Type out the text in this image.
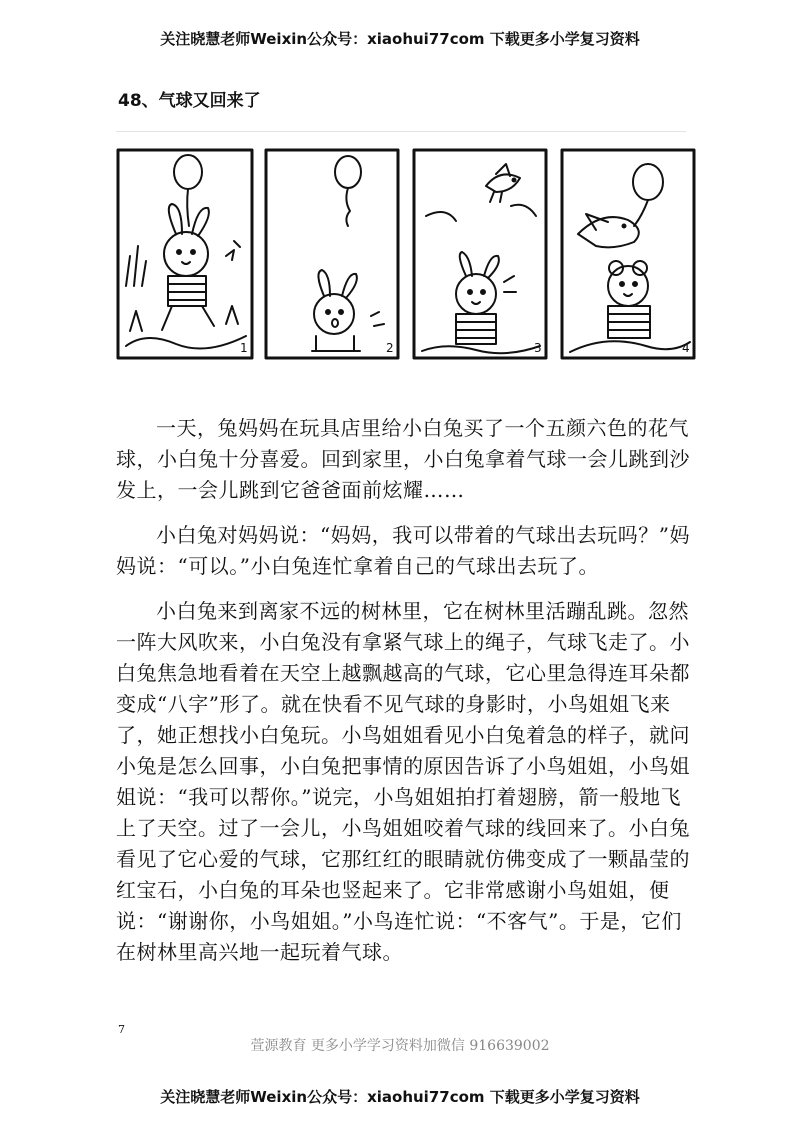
关注晓慧老师Weixin公众号：xiaohui77com 下载更多小学复习资料
48、气球又回来了
1	2	3	4

一天，兔妈妈在玩具店里给小白兔买了一个五颜六色的花气球，小白兔十分喜爱。回到家里，小白兔拿着气球一会儿跳到沙发上，一会儿跳到它爸爸面前炫耀……

小白兔对妈妈说：“妈妈，我可以带着的气球出去玩吗？”妈妈说：“可以。”小白兔连忙拿着自己的气球出去玩了。

小白兔来到离家不远的树林里，它在树林里活蹦乱跳。忽然一阵大风吹来，小白兔没有拿紧气球上的绳子，气球飞走了。小白兔焦急地看着在天空上越飘越高的气球，它心里急得连耳朵都变成“八字”形了。就在快看不见气球的身影时，小鸟姐姐飞来了，她正想找小白兔玩。小鸟姐姐看见小白兔着急的样子，就问小兔是怎么回事，小白兔把事情的原因告诉了小鸟姐姐，小鸟姐姐说：“我可以帮你。”说完，小鸟姐姐拍打着翅膀，箭一般地飞上了天空。过了一会儿，小鸟姐姐咬着气球的线回来了。小白兔看见了它心爱的气球，它那红红的眼睛就仿佛变成了一颗晶莹的红宝石，小白兔的耳朵也竖起来了。它非常感谢小鸟姐姐，便说：“谢谢你，小鸟姐姐。”小鸟连忙说：“不客气”。于是，它们在树林里高兴地一起玩着气球。

7
萱源教育 更多小学学习资料加微信 916639002
关注晓慧老师Weixin公众号：xiaohui77com 下载更多小学复习资料
